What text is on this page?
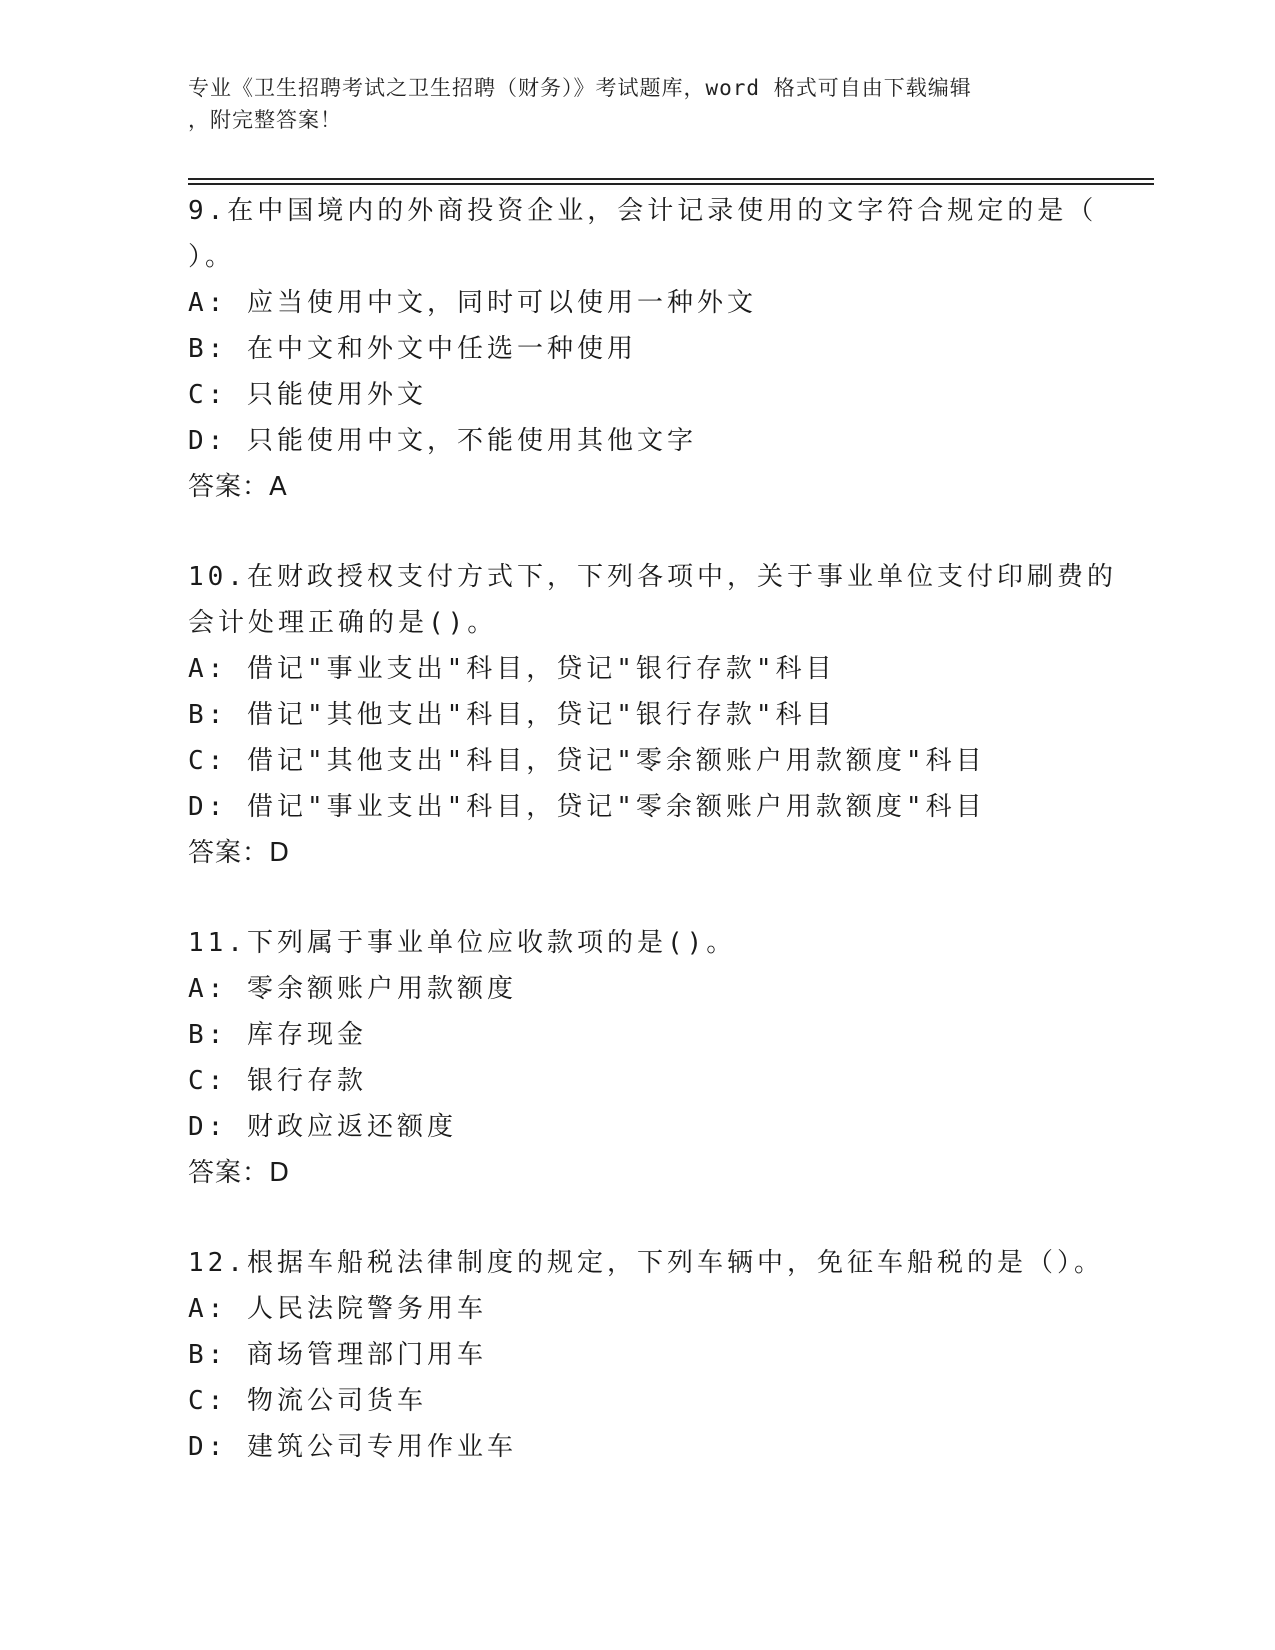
专业《卫生招聘考试之卫生招聘（财务）》考试题库，word 格式可自由下载编辑
，附完整答案！

9.在中国境内的外商投资企业，会计记录使用的文字符合规定的是（
）。

A: 应当使用中文，同时可以使用一种外文

B: 在中文和外文中任选一种使用

C: 只能使用外文

D: 只能使用中文，不能使用其他文字

答案：A

10.在财政授权支付方式下，下列各项中，关于事业单位支付印刷费的
会计处理正确的是()。

A: 借记"事业支出"科目，贷记"银行存款"科目

B: 借记"其他支出"科目，贷记"银行存款"科目

C: 借记"其他支出"科目，贷记"零余额账户用款额度"科目

D: 借记"事业支出"科目，贷记"零余额账户用款额度"科目

答案：D

11.下列属于事业单位应收款项的是()。

A: 零余额账户用款额度

B: 库存现金

C: 银行存款

D: 财政应返还额度

答案：D

12.根据车船税法律制度的规定，下列车辆中，免征车船税的是（）。

A: 人民法院警务用车

B: 商场管理部门用车

C: 物流公司货车

D: 建筑公司专用作业车
